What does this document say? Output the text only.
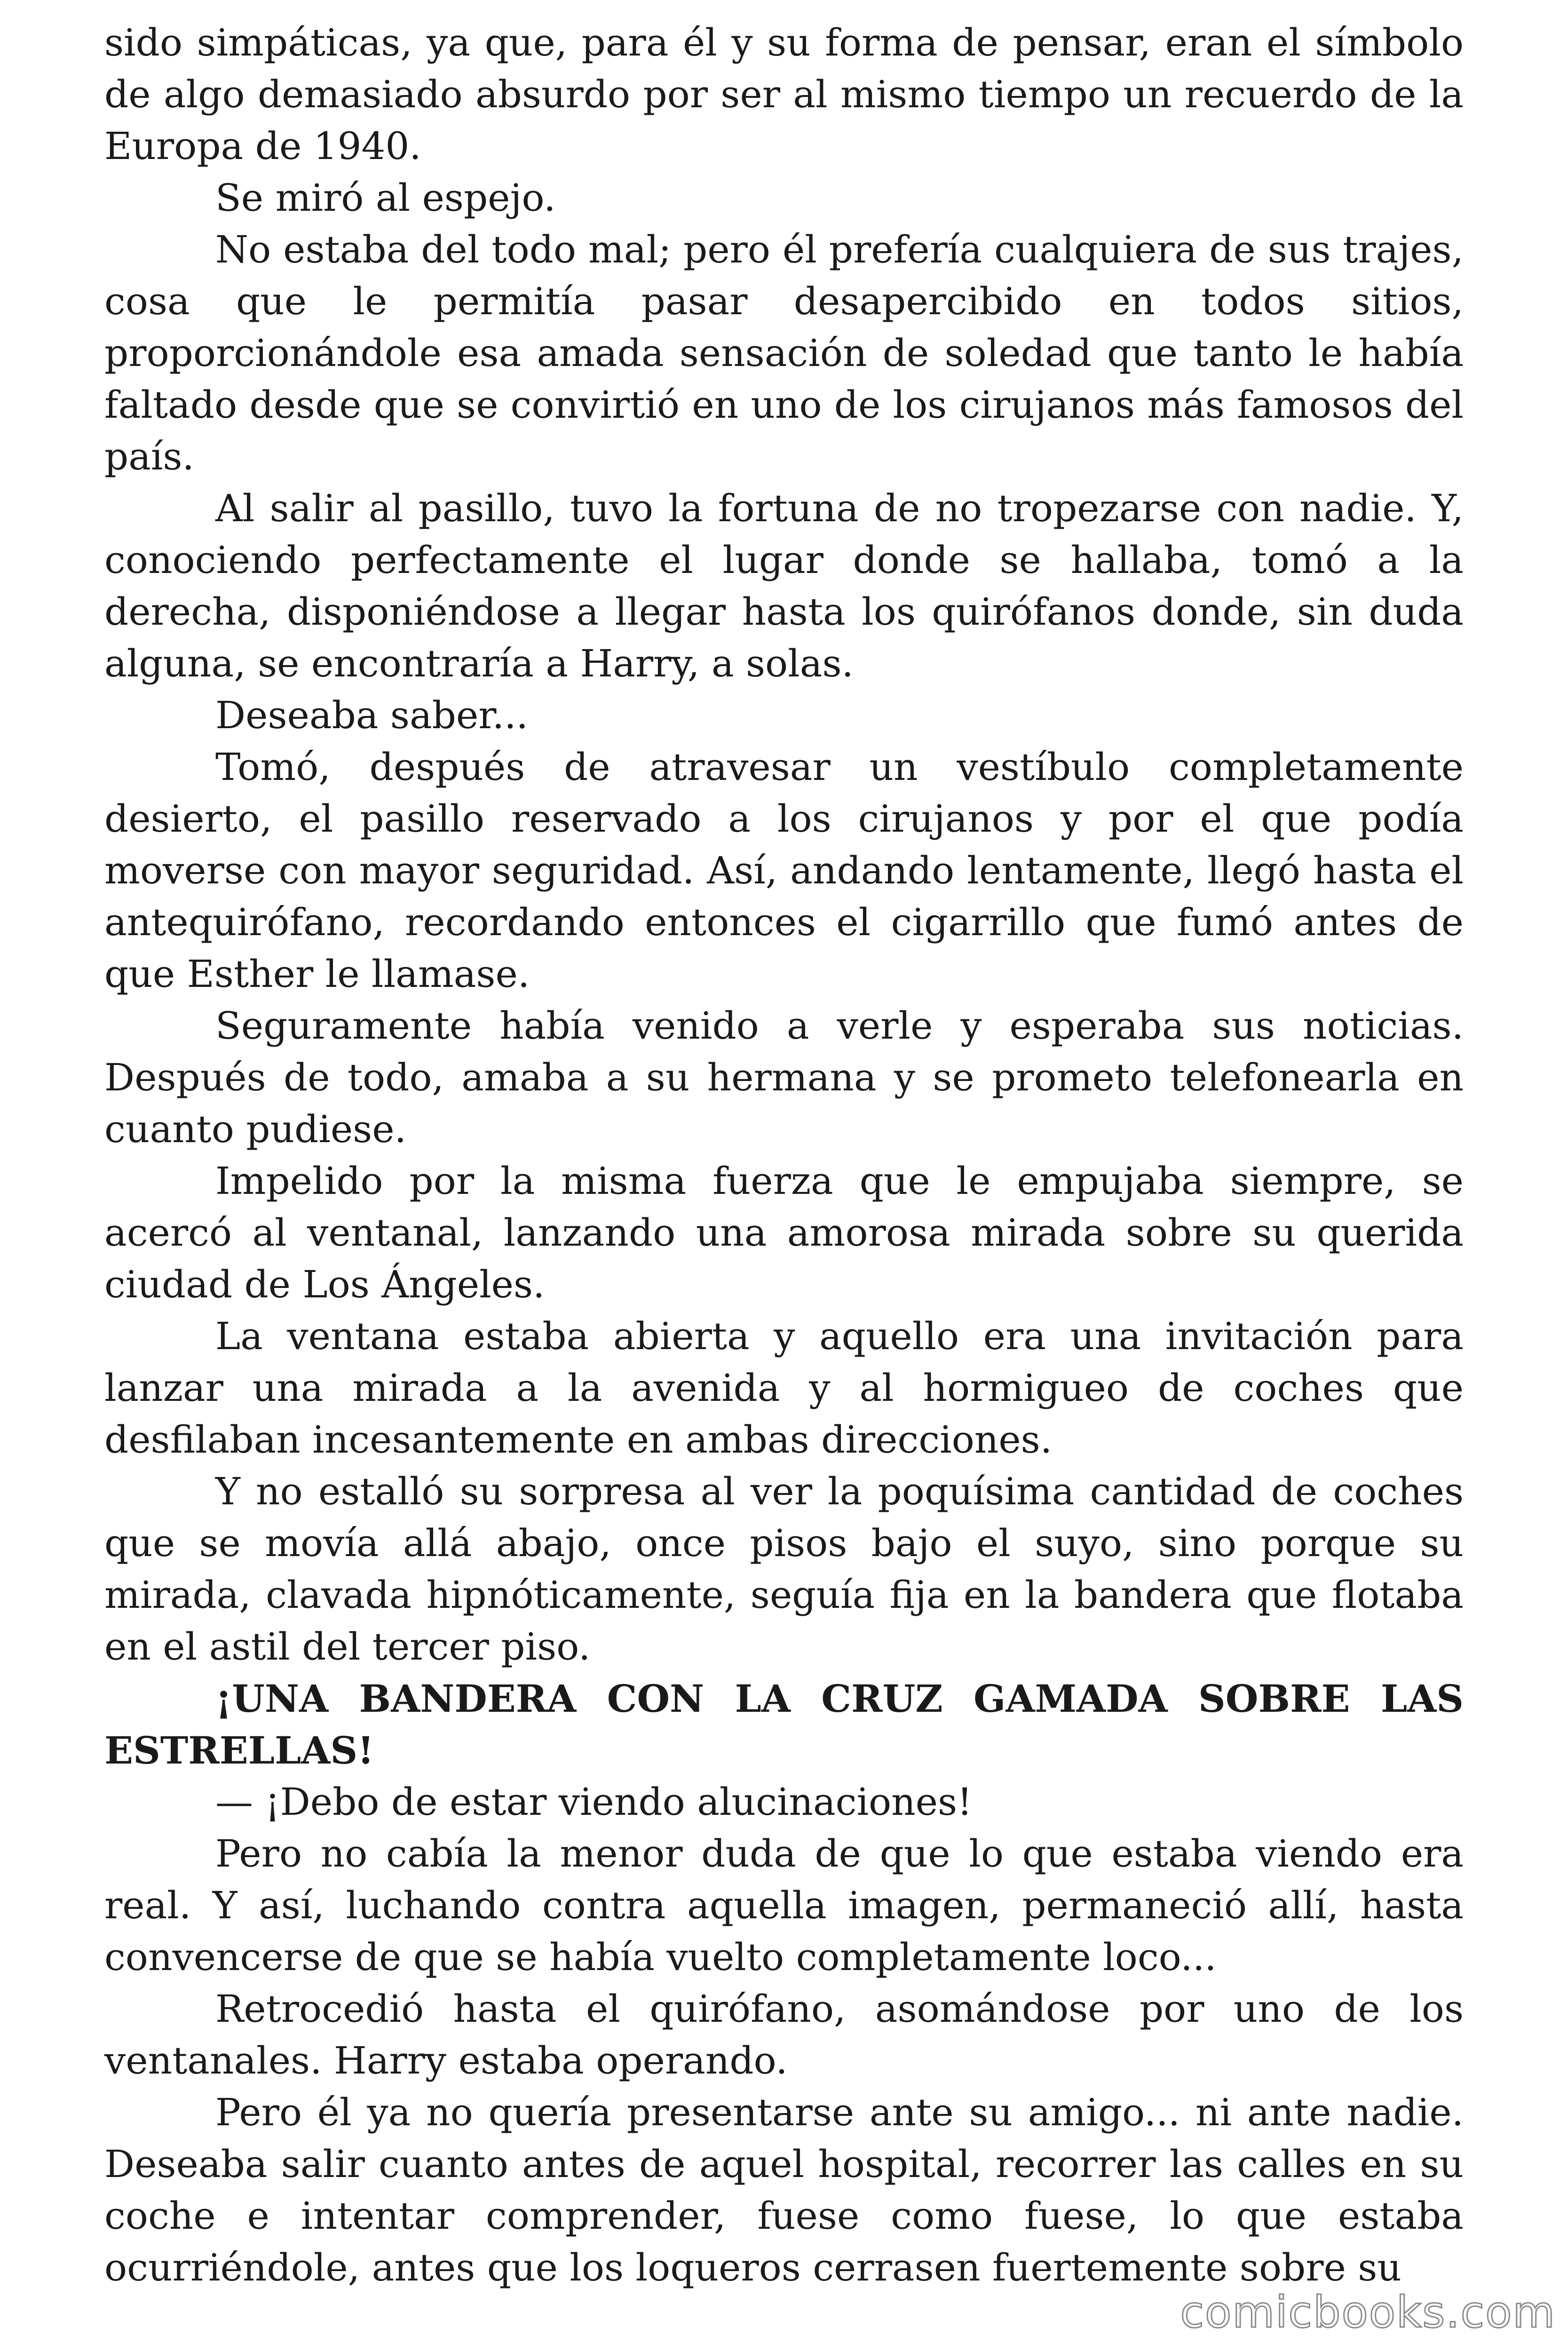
sido simpáticas, ya que, para él y su forma de pensar, eran el símbolo de algo demasiado absurdo por ser al mismo tiempo un recuerdo de la Europa de 1940.

Se miró al espejo.

No estaba del todo mal; pero él prefería cualquiera de sus trajes, cosa que le permitía pasar desapercibido en todos sitios, proporcionándole esa amada sensación de soledad que tanto le había faltado desde que se convirtió en uno de los cirujanos más famosos del país.

Al salir al pasillo, tuvo la fortuna de no tropezarse con nadie. Y, conociendo perfectamente el lugar donde se hallaba, tomó a la derecha, disponiéndose a llegar hasta los quirófanos donde, sin duda alguna, se encontraría a Harry, a solas.

Deseaba saber...

Tomó, después de atravesar un vestíbulo completamente desierto, el pasillo reservado a los cirujanos y por el que podía moverse con mayor seguridad. Así, andando lentamente, llegó hasta el antequirófano, recordando entonces el cigarrillo que fumó antes de que Esther le llamase.

Seguramente había venido a verle y esperaba sus noticias. Después de todo, amaba a su hermana y se prometo telefonearla en cuanto pudiese.

Impelido por la misma fuerza que le empujaba siempre, se acercó al ventanal, lanzando una amorosa mirada sobre su querida ciudad de Los Ángeles.

La ventana estaba abierta y aquello era una invitación para lanzar una mirada a la avenida y al hormigueo de coches que desfilaban incesantemente en ambas direcciones.

Y no estalló su sorpresa al ver la poquísima cantidad de coches que se movía allá abajo, once pisos bajo el suyo, sino porque su mirada, clavada hipnóticamente, seguía fija en la bandera que flotaba en el astil del tercer piso.

¡UNA BANDERA CON LA CRUZ GAMADA SOBRE LAS ESTRELLAS!

— ¡Debo de estar viendo alucinaciones!

Pero no cabía la menor duda de que lo que estaba viendo era real. Y así, luchando contra aquella imagen, permaneció allí, hasta convencerse de que se había vuelto completamente loco...

Retrocedió hasta el quirófano, asomándose por uno de los ventanales. Harry estaba operando.

Pero él ya no quería presentarse ante su amigo... ni ante nadie. Deseaba salir cuanto antes de aquel hospital, recorrer las calles en su coche e intentar comprender, fuese como fuese, lo que estaba ocurriéndole, antes que los loqueros cerrasen fuertemente sobre su

comicbooks.com
